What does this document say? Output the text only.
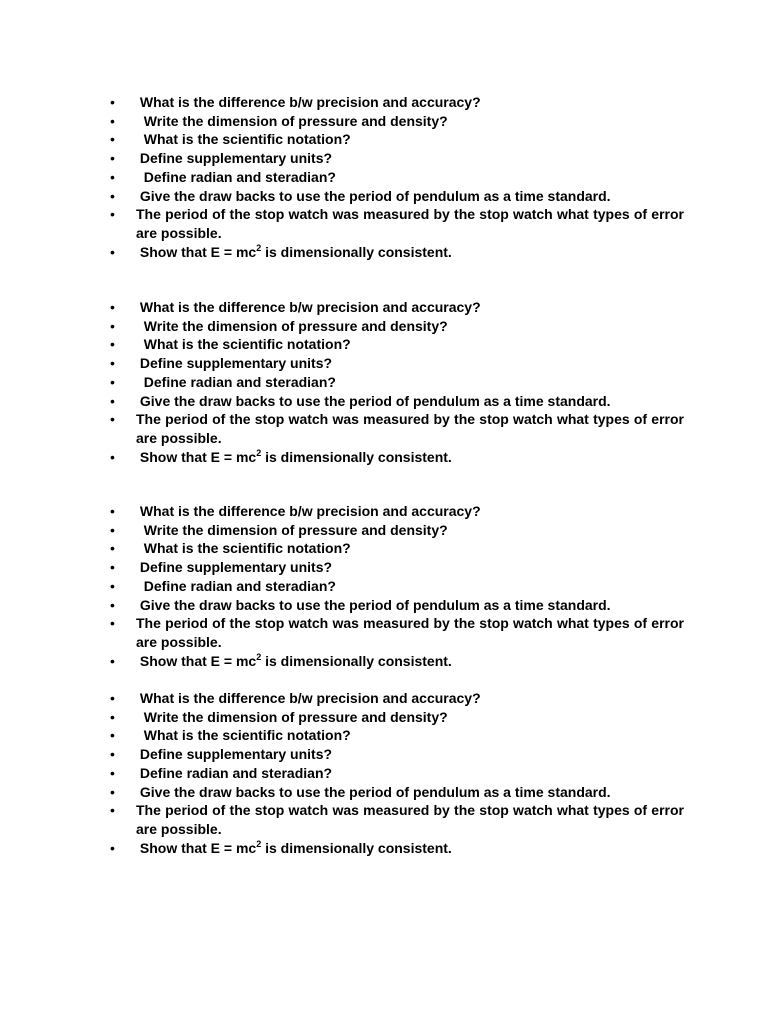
• What is the difference b/w precision and accuracy?
• Write the dimension of pressure and density?
• What is the scientific notation?
• Define supplementary units?
• Define radian and steradian?
• Give the draw backs to use the period of pendulum as a time standard.
• The period of the stop watch was measured by the stop watch what types of error are possible.
• Show that $E = mc^2$ is dimensionally consistent.
• What is the difference b/w precision and accuracy?
• Write the dimension of pressure and density?
• What is the scientific notation?
• Define supplementary units?
• Define radian and steradian?
• Give the draw backs to use the period of pendulum as a time standard.
• The period of the stop watch was measured by the stop watch what types of error are possible.
• Show that $E = mc^2$ is dimensionally consistent.
• What is the difference b/w precision and accuracy?
• Write the dimension of pressure and density?
• What is the scientific notation?
• Define supplementary units?
• Define radian and steradian?
• Give the draw backs to use the period of pendulum as a time standard.
• The period of the stop watch was measured by the stop watch what types of error are possible.
• Show that $E = mc^2$ is dimensionally consistent.
• What is the difference b/w precision and accuracy?
• Write the dimension of pressure and density?
• What is the scientific notation?
• Define supplementary units?
• Define radian and steradian?
• Give the draw backs to use the period of pendulum as a time standard.
• The period of the stop watch was measured by the stop watch what types of error are possible.
• Show that $E = mc^2$ is dimensionally consistent.
